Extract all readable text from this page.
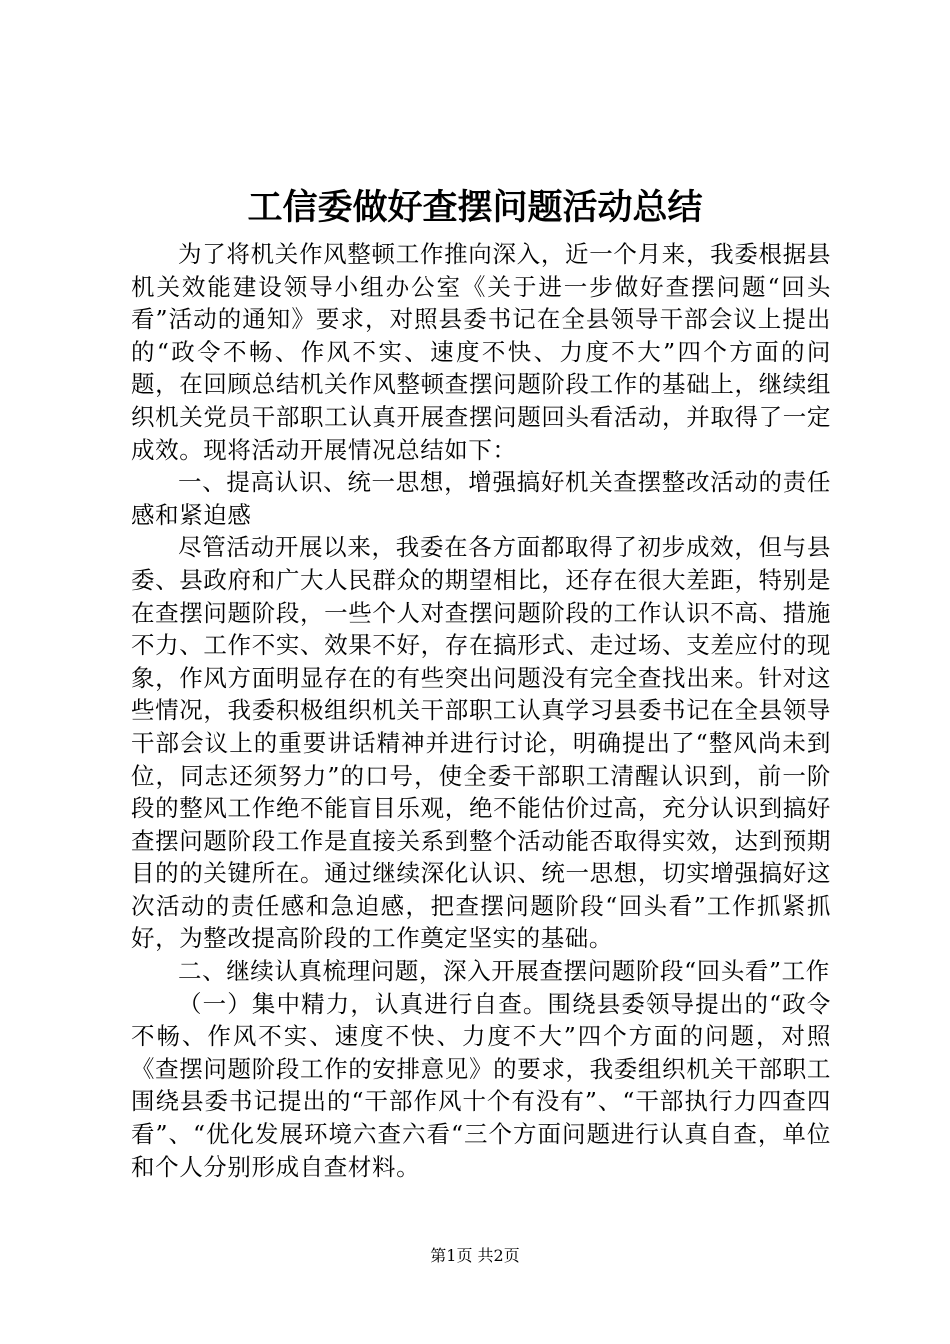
工信委做好查摆问题活动总结

为了将机关作风整顿工作推向深入，近一个月来，我委根据县机关效能建设领导小组办公室《关于进一步做好查摆问题“回头看”活动的通知》要求，对照县委书记在全县领导干部会议上提出的“政令不畅、作风不实、速度不快、力度不大”四个方面的问题，在回顾总结机关作风整顿查摆问题阶段工作的基础上，继续组织机关党员干部职工认真开展查摆问题回头看活动，并取得了一定成效。现将活动开展情况总结如下：

一、提高认识、统一思想，增强搞好机关查摆整改活动的责任感和紧迫感

尽管活动开展以来，我委在各方面都取得了初步成效，但与县委、县政府和广大人民群众的期望相比，还存在很大差距，特别是在查摆问题阶段，一些个人对查摆问题阶段的工作认识不高、措施不力、工作不实、效果不好，存在搞形式、走过场、支差应付的现象，作风方面明显存在的有些突出问题没有完全查找出来。针对这些情况，我委积极组织机关干部职工认真学习县委书记在全县领导干部会议上的重要讲话精神并进行讨论，明确提出了“整风尚未到位，同志还须努力”的口号，使全委干部职工清醒认识到，前一阶段的整风工作绝不能盲目乐观，绝不能估价过高，充分认识到搞好查摆问题阶段工作是直接关系到整个活动能否取得实效，达到预期目的的关键所在。通过继续深化认识、统一思想，切实增强搞好这次活动的责任感和急迫感，把查摆问题阶段“回头看”工作抓紧抓好，为整改提高阶段的工作奠定坚实的基础。

二、继续认真梳理问题，深入开展查摆问题阶段“回头看”工作

（一）集中精力，认真进行自查。围绕县委领导提出的“政令不畅、作风不实、速度不快、力度不大”四个方面的问题，对照《查摆问题阶段工作的安排意见》的要求，我委组织机关干部职工围绕县委书记提出的“干部作风十个有没有”、“干部执行力四查四看”、“优化发展环境六查六看“三个方面问题进行认真自查，单位和个人分别形成自查材料。

第1页 共2页
